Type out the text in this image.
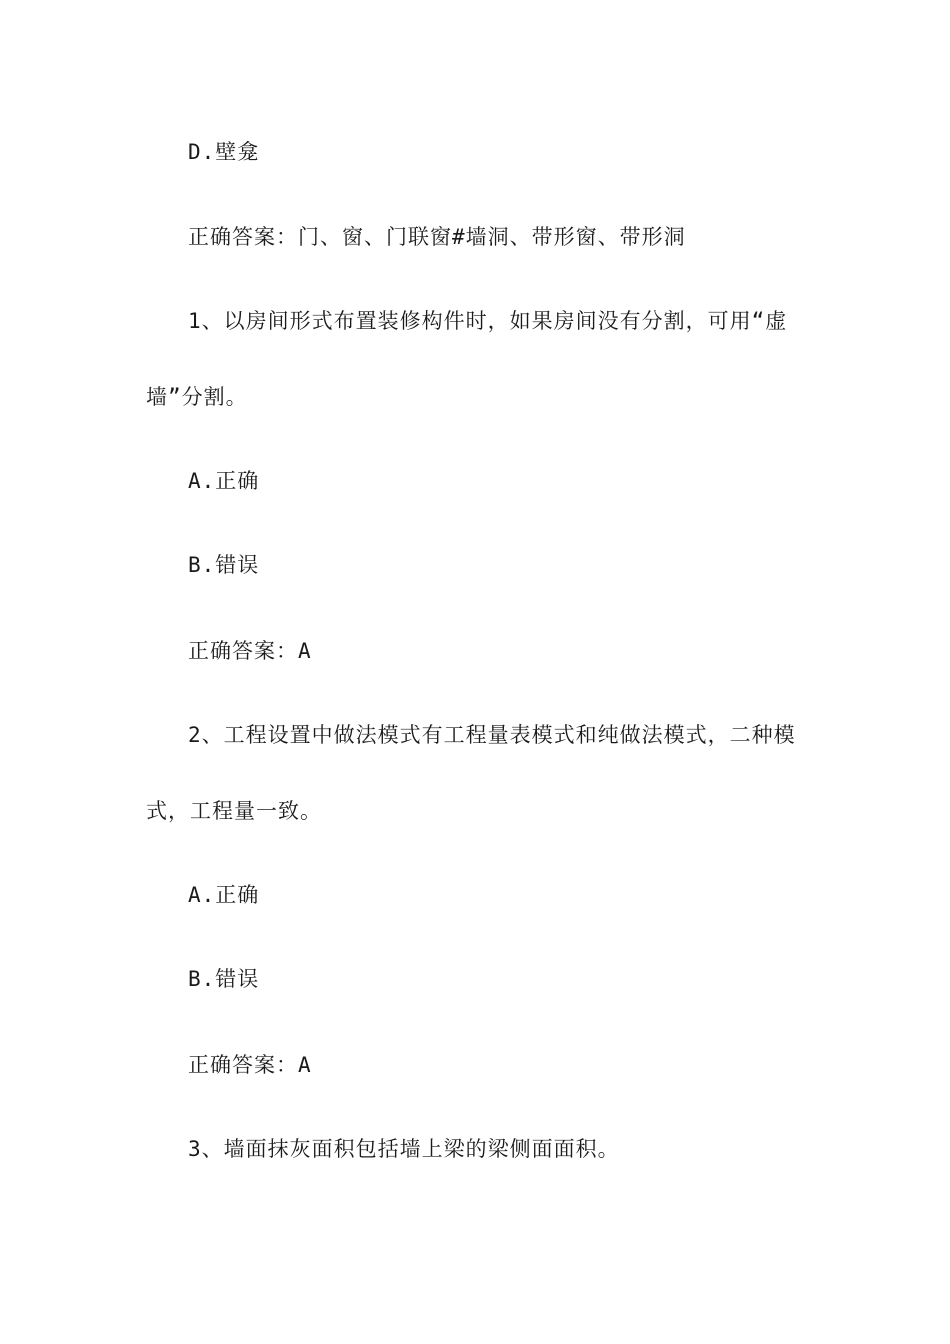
D.壁龛
正确答案：门、窗、门联窗#墙洞、带形窗、带形洞
1、以房间形式布置装修构件时，如果房间没有分割，可用“虚
墙”分割。
A.正确
B.错误
正确答案：A
2、工程设置中做法模式有工程量表模式和纯做法模式，二种模
式，工程量一致。
A.正确
B.错误
正确答案：A
3、墙面抹灰面积包括墙上梁的梁侧面面积。
